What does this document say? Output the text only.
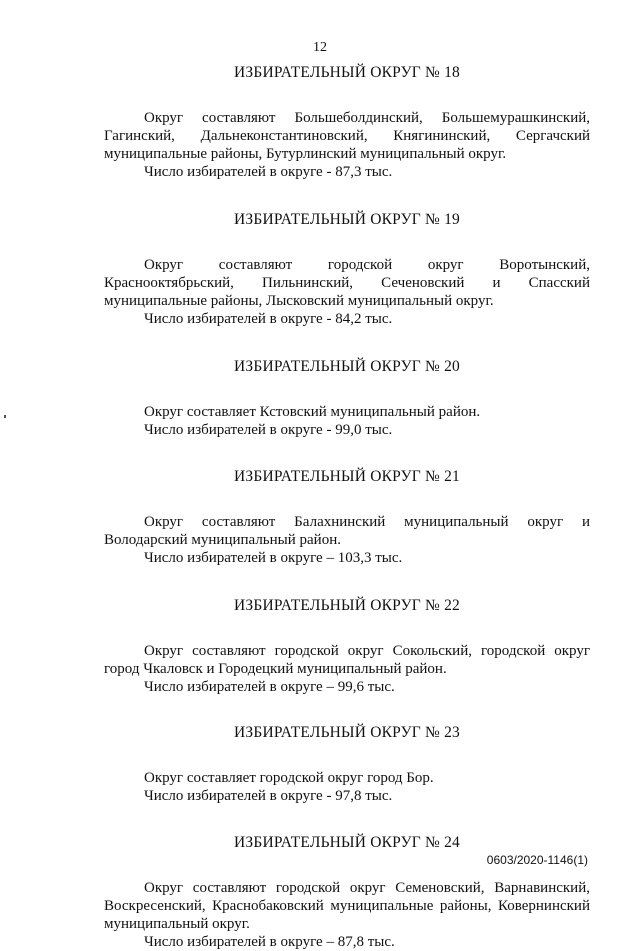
12
ИЗБИРАТЕЛЬНЫЙ ОКРУГ № 18

Округ составляют Большеболдинский, Большемурашкинский, Гагинский, Дальнеконстантиновский, Княгининский, Сергачский муниципальные районы, Бутурлинский муниципальный округ.

Число избирателей в округе - 87,3 тыс.

ИЗБИРАТЕЛЬНЫЙ ОКРУГ № 19

Округ составляют городской округ Воротынский, Краснооктябрьский, Пильнинский, Сеченовский и Спасский муниципальные районы, Лысковский муниципальный округ.

Число избирателей в округе - 84,2 тыс.

ИЗБИРАТЕЛЬНЫЙ ОКРУГ № 20

Округ составляет Кстовский муниципальный район.

Число избирателей в округе - 99,0 тыс.

ИЗБИРАТЕЛЬНЫЙ ОКРУГ № 21

Округ составляют Балахнинский муниципальный округ и Володарский муниципальный район.

Число избирателей в округе – 103,3 тыс.

ИЗБИРАТЕЛЬНЫЙ ОКРУГ № 22

Округ составляют городской округ Сокольский, городской округ город Чкаловск и Городецкий муниципальный район.

Число избирателей в округе – 99,6 тыс.

ИЗБИРАТЕЛЬНЫЙ ОКРУГ № 23

Округ составляет городской округ город Бор.

Число избирателей в округе - 97,8 тыс.

ИЗБИРАТЕЛЬНЫЙ ОКРУГ № 24

Округ составляют городской округ Семеновский, Варнавинский, Воскресенский, Краснобаковский муниципальные районы, Ковернинский муниципальный округ.

Число избирателей в округе – 87,8 тыс.

0603/2020-1146(1)
